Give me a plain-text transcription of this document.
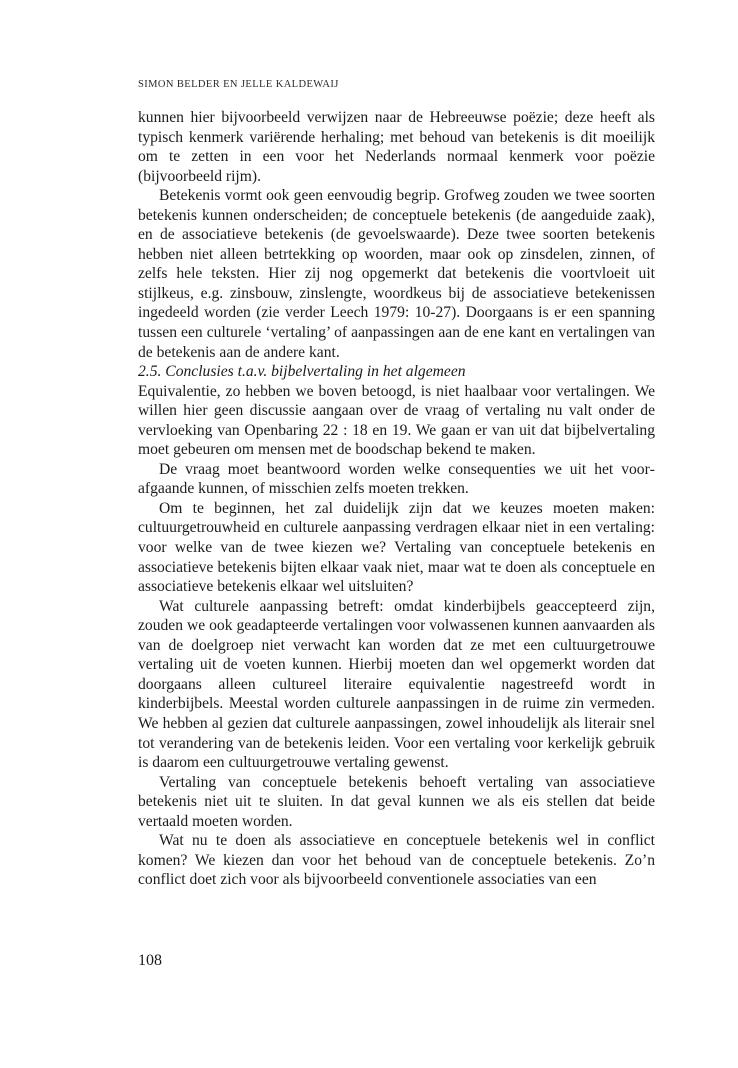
SIMON BELDER EN JELLE KALDEWAIJ

kunnen hier bijvoorbeeld verwijzen naar de Hebreeuwse poëzie; deze heeft als typisch kenmerk variërende herhaling; met behoud van betekenis is dit moeilijk om te zetten in een voor het Nederlands normaal kenmerk voor poëzie (bijvoorbeeld rijm).

Betekenis vormt ook geen eenvoudig begrip. Grofweg zouden we twee soorten betekenis kunnen onderscheiden; de conceptuele betekenis (de aangeduide zaak), en de associatieve betekenis (de gevoelswaarde). Deze twee soorten betekenis hebben niet alleen betrtekking op woorden, maar ook op zinsdelen, zinnen, of zelfs hele teksten. Hier zij nog opgemerkt dat betekenis die voortvloeit uit stijlkeus, e.g. zinsbouw, zinslengte, woordkeus bij de associatieve betekenissen ingedeeld worden (zie verder Leech 1979: 10-27). Doorgaans is er een spanning tussen een culturele ‘vertaling’ of aanpassingen aan de ene kant en vertalingen van de betekenis aan de andere kant.

2.5. Conclusies t.a.v. bijbelvertaling in het algemeen

Equivalentie, zo hebben we boven betoogd, is niet haalbaar voor vertalingen. We willen hier geen discussie aangaan over de vraag of vertaling nu valt onder de vervloeking van Openbaring 22 : 18 en 19. We gaan er van uit dat bijbelvertaling moet gebeuren om mensen met de boodschap bekend te maken.

De vraag moet beantwoord worden welke consequenties we uit het voorafgaande kunnen, of misschien zelfs moeten trekken.

Om te beginnen, het zal duidelijk zijn dat we keuzes moeten maken: cultuurgetrouwheid en culturele aanpassing verdragen elkaar niet in een vertaling: voor welke van de twee kiezen we? Vertaling van conceptuele betekenis en associatieve betekenis bijten elkaar vaak niet, maar wat te doen als conceptuele en associatieve betekenis elkaar wel uitsluiten?

Wat culturele aanpassing betreft: omdat kinderbijbels geaccepteerd zijn, zouden we ook geadapteerde vertalingen voor volwassenen kunnen aanvaarden als van de doelgroep niet verwacht kan worden dat ze met een cultuurgetrouwe vertaling uit de voeten kunnen. Hierbij moeten dan wel opgemerkt worden dat doorgaans alleen cultureel literaire equivalentie nagestreefd wordt in kinderbijbels. Meestal worden culturele aanpassingen in de ruime zin vermeden. We hebben al gezien dat culturele aanpassingen, zowel inhoudelijk als literair snel tot verandering van de betekenis leiden. Voor een vertaling voor kerkelijk gebruik is daarom een cultuurgetrouwe vertaling gewenst.

Vertaling van conceptuele betekenis behoeft vertaling van associatieve betekenis niet uit te sluiten. In dat geval kunnen we als eis stellen dat beide vertaald moeten worden.

Wat nu te doen als associatieve en conceptuele betekenis wel in conflict komen? We kiezen dan voor het behoud van de conceptuele betekenis. Zo’n conflict doet zich voor als bijvoorbeeld conventionele associaties van een

108
